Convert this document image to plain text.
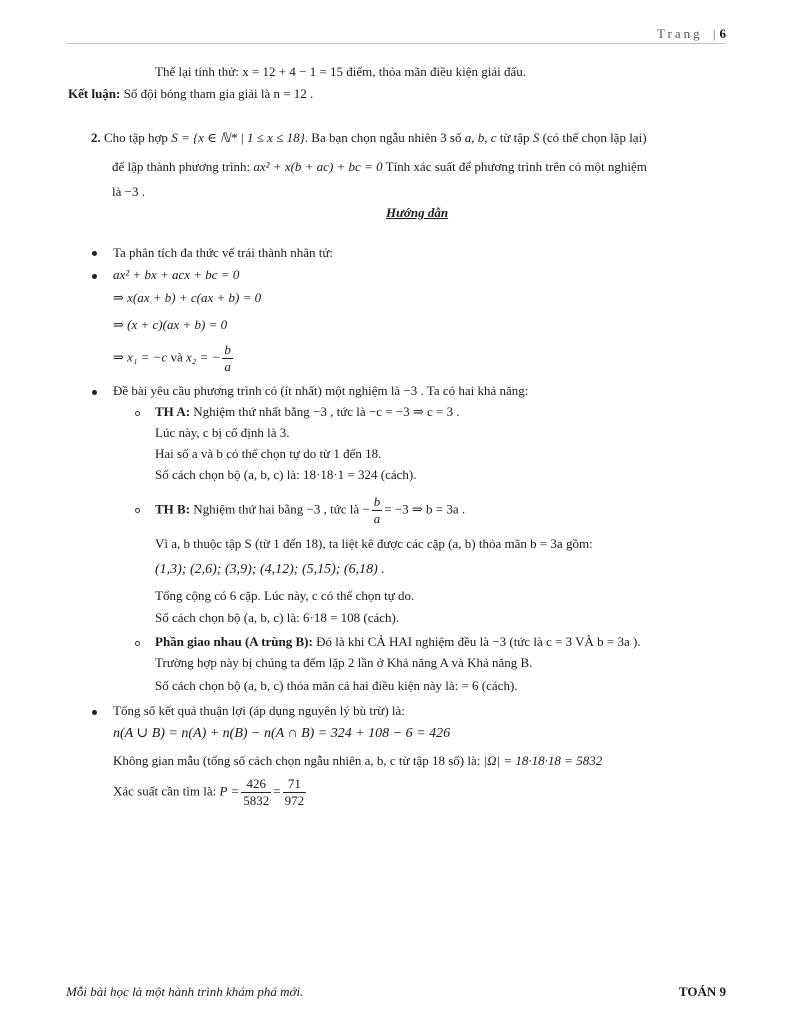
Trang | 6
Thế lại tính thử: x = 12 + 4 − 1 = 15 điểm, thỏa mãn điều kiện giải đấu.
Kết luận: Số đội bóng tham gia giải là n = 12 .
2. Cho tập hợp S = {x ∈ ℕ* | 1 ≤ x ≤ 18}. Ba bạn chọn ngẫu nhiên 3 số a, b, c từ tập S (có thể chọn lặp lại)
để lập thành phương trình: ax² + x(b + ac) + bc = 0 Tính xác suất để phương trình trên có một nghiệm
là −3 .
Hướng dẫn
Ta phân tích đa thức vế trái thành nhân tử:
ax² + bx + acx + bc = 0
⇒ x(ax + b) + c(ax + b) = 0
⇒ (x + c)(ax + b) = 0
⇒ x₁ = −c và x₂ = − $\frac{b}{a}$
Đề bài yêu cầu phương trình có (ít nhất) một nghiệm là −3 . Ta có hai khả năng:
TH A: Nghiệm thứ nhất bằng −3 , tức là −c = −3 ⇒ c = 3 .
Lúc này, c bị cố định là 3.
Hai số a và b có thể chọn tự do từ 1 đến 18.
Số cách chọn bộ (a, b, c) là: 18·18·1 = 324 (cách).
TH B: Nghiệm thứ hai bằng −3 , tức là − $\frac{b}{a} = -3$ ⇒ b = 3a .
Vì a, b thuộc tập S (từ 1 đến 18), ta liệt kê được các cặp (a, b) thỏa mãn b = 3a gồm:
(1,3); (2,6); (3,9); (4,12); (5,15); (6,18) .
Tổng cộng có 6 cặp. Lúc này, c có thể chọn tự do.
Số cách chọn bộ (a, b, c) là: 6·18 = 108 (cách).
Phần giao nhau (A trùng B): Đó là khi CẢ HAI nghiệm đều là −3 (tức là c = 3 VÀ b = 3a ).
Trường hợp này bị chúng ta đếm lặp 2 lần ở Khả năng A và Khả năng B.
Số cách chọn bộ (a, b, c) thỏa mãn cả hai điều kiện này là: = 6 (cách).
Tổng số kết quả thuận lợi (áp dụng nguyên lý bù trừ) là:
n(A ∪ B) = n(A) + n(B) − n(A ∩ B) = 324 + 108 − 6 = 426
Không gian mẫu (tổng số cách chọn ngẫu nhiên a, b, c từ tập 18 số) là: |Ω| = 18·18·18 = 5832
Xác suất cần tìm là: $P = \frac{426}{5832} = \frac{71}{972}$
Mỗi bài học là một hành trình khám phá mới.	TOÁN 9
